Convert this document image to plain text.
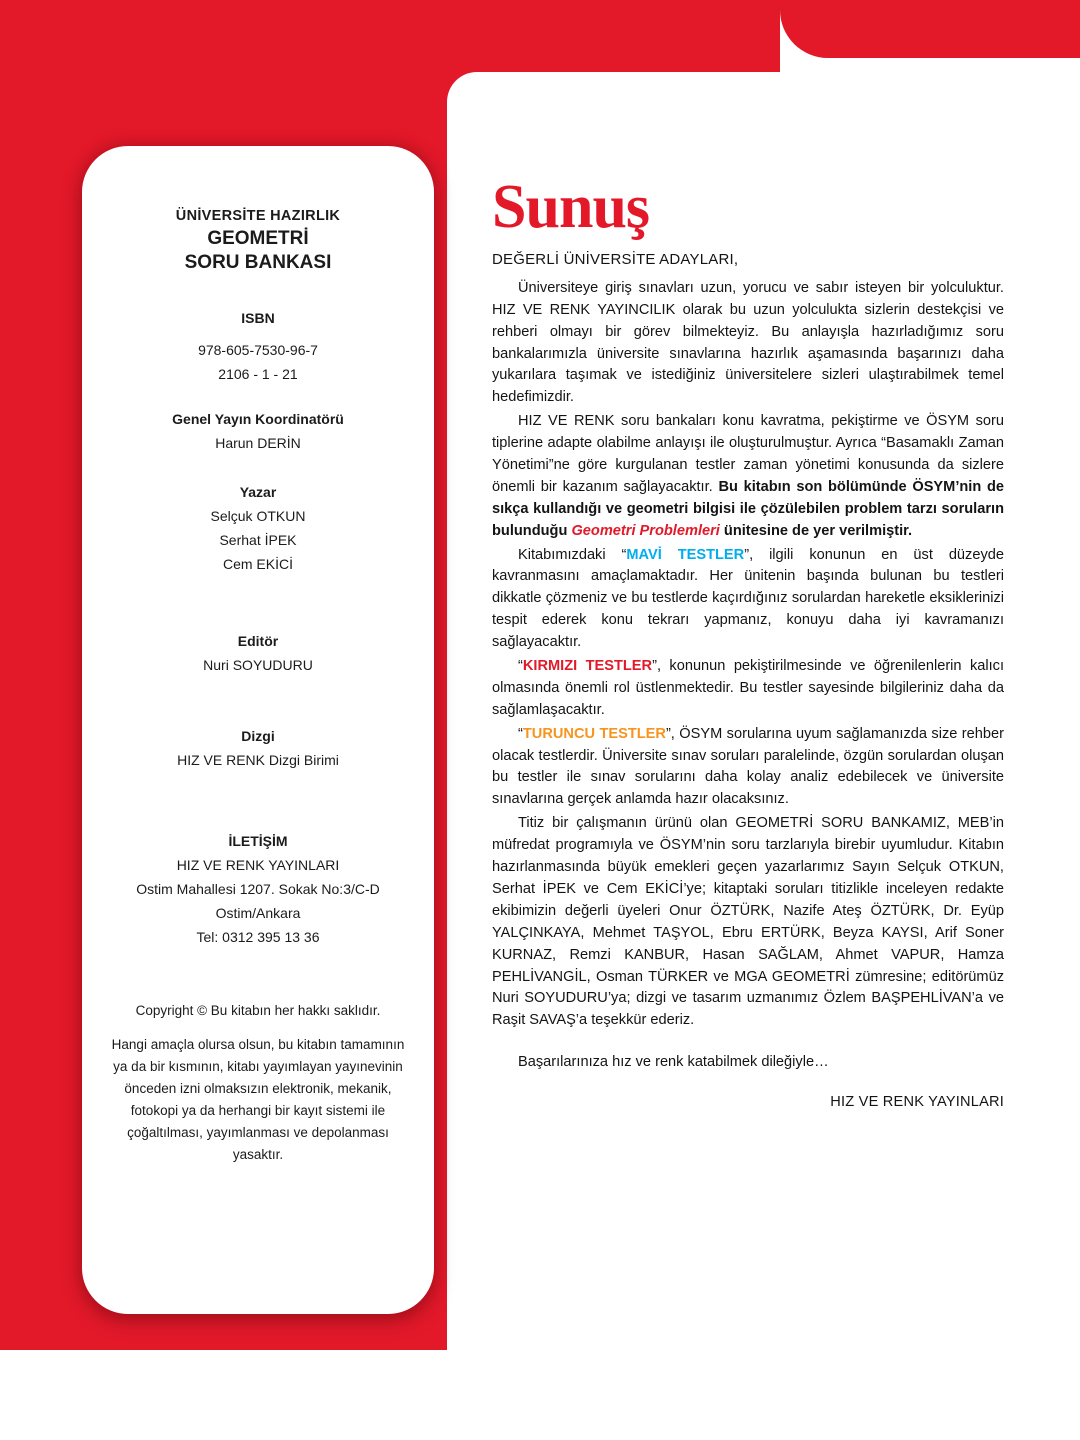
ÜNİVERSİTE HAZIRLIK
GEOMETRİ
SORU BANKASI
ISBN
978-605-7530-96-7
2106 - 1 - 21
Genel Yayın Koordinatörü
Harun DERİN
Yazar
Selçuk OTKUN
Serhat İPEK
Cem EKİCİ
Editör
Nuri SOYUDURU
Dizgi
HIZ VE RENK Dizgi Birimi
İLETİŞİM
HIZ VE RENK YAYINLARI
Ostim Mahallesi 1207. Sokak No:3/C-D
Ostim/Ankara
Tel: 0312 395 13 36
Copyright © Bu kitabın her hakkı saklıdır.
Hangi amaçla olursa olsun, bu kitabın tamamının ya da bir kısmının, kitabı yayımlayan yayınevinin önceden izni olmaksızın elektronik, mekanik, fotokopi ya da herhangi bir kayıt sistemi ile çoğaltılması, yayımlanması ve depolanması yasaktır.
Sunuş
DEĞERLİ ÜNİVERSİTE ADAYLARI,

Üniversiteye giriş sınavları uzun, yorucu ve sabır isteyen bir yolculuktur. HIZ VE RENK YAYINCILIK olarak bu uzun yolculukta sizlerin destekçisi ve rehberi olmayı bir görev bilmekteyiz. Bu anlayışla hazırladığımız soru bankalarımızla üniversite sınavlarına hazırlık aşamasında başarınızı daha yukarılara taşımak ve istediğiniz üniversitelere sizleri ulaştırabilmek temel hedefimizdir.

HIZ VE RENK soru bankaları konu kavratma, pekiştirme ve ÖSYM soru tiplerine adapte olabilme anlayışı ile oluşturulmuştur. Ayrıca “Basamaklı Zaman Yönetimi”ne göre kurgulanan testler zaman yönetimi konusunda da sizlere önemli bir kazanım sağlayacaktır. Bu kitabın son bölümünde ÖSYM’nin de sıkça kullandığı ve geometri bilgisi ile çözülebilen problem tarzı soruların bulunduğu Geometri Problemleri ünitesine de yer verilmiştir.

Kitabımızdaki “MAVİ TESTLER”, ilgili konunun en üst düzeyde kavranmasını amaçlamaktadır. Her ünitenin başında bulunan bu testleri dikkatle çözmeniz ve bu testlerde kaçırdığınız sorulardan hareketle eksiklerinizi tespit ederek konu tekrarı yapmanız, konuyu daha iyi kavramanızı sağlayacaktır.

“KIRMIZI TESTLER”, konunun pekiştirilmesinde ve öğrenilenlerin kalıcı olmasında önemli rol üstlenmektedir. Bu testler sayesinde bilgileriniz daha da sağlamlaşacaktır.

“TURUNCU TESTLER”, ÖSYM sorularına uyum sağlamanızda size rehber olacak testlerdir. Üniversite sınav soruları paralelinde, özgün sorulardan oluşan bu testler ile sınav sorularını daha kolay analiz edebilecek ve üniversite sınavlarına gerçek anlamda hazır olacaksınız.

Titiz bir çalışmanın ürünü olan GEOMETRİ SORU BANKAMIZ, MEB’in müfredat programıyla ve ÖSYM’nin soru tarzlarıyla birebir uyumludur. Kitabın hazırlanmasında büyük emekleri geçen yazarlarımız Sayın Selçuk OTKUN, Serhat İPEK ve Cem EKİCİ’ye; kitaptaki soruları titizlikle inceleyen redakte ekibimizin değerli üyeleri Onur ÖZTÜRK, Nazife Ateş ÖZTÜRK, Dr. Eyüp YALÇINKAYA, Mehmet TAŞYOL, Ebru ERTÜRK, Beyza KAYSI, Arif Soner KURNAZ, Remzi KANBUR, Hasan SAĞLAM, Ahmet VAPUR, Hamza PEHLİVANGİL, Osman TÜRKER ve MGA GEOMETRİ zümresine; editörümüz Nuri SOYUDURU’ya; dizgi ve tasarım uzmanımız Özlem BAŞPEHLİVAN’a ve Raşit SAVAŞ’a teşekkür ederiz.

Başarılarınıza hız ve renk katabilmek dileğiyle…
HIZ VE RENK YAYINLARI
